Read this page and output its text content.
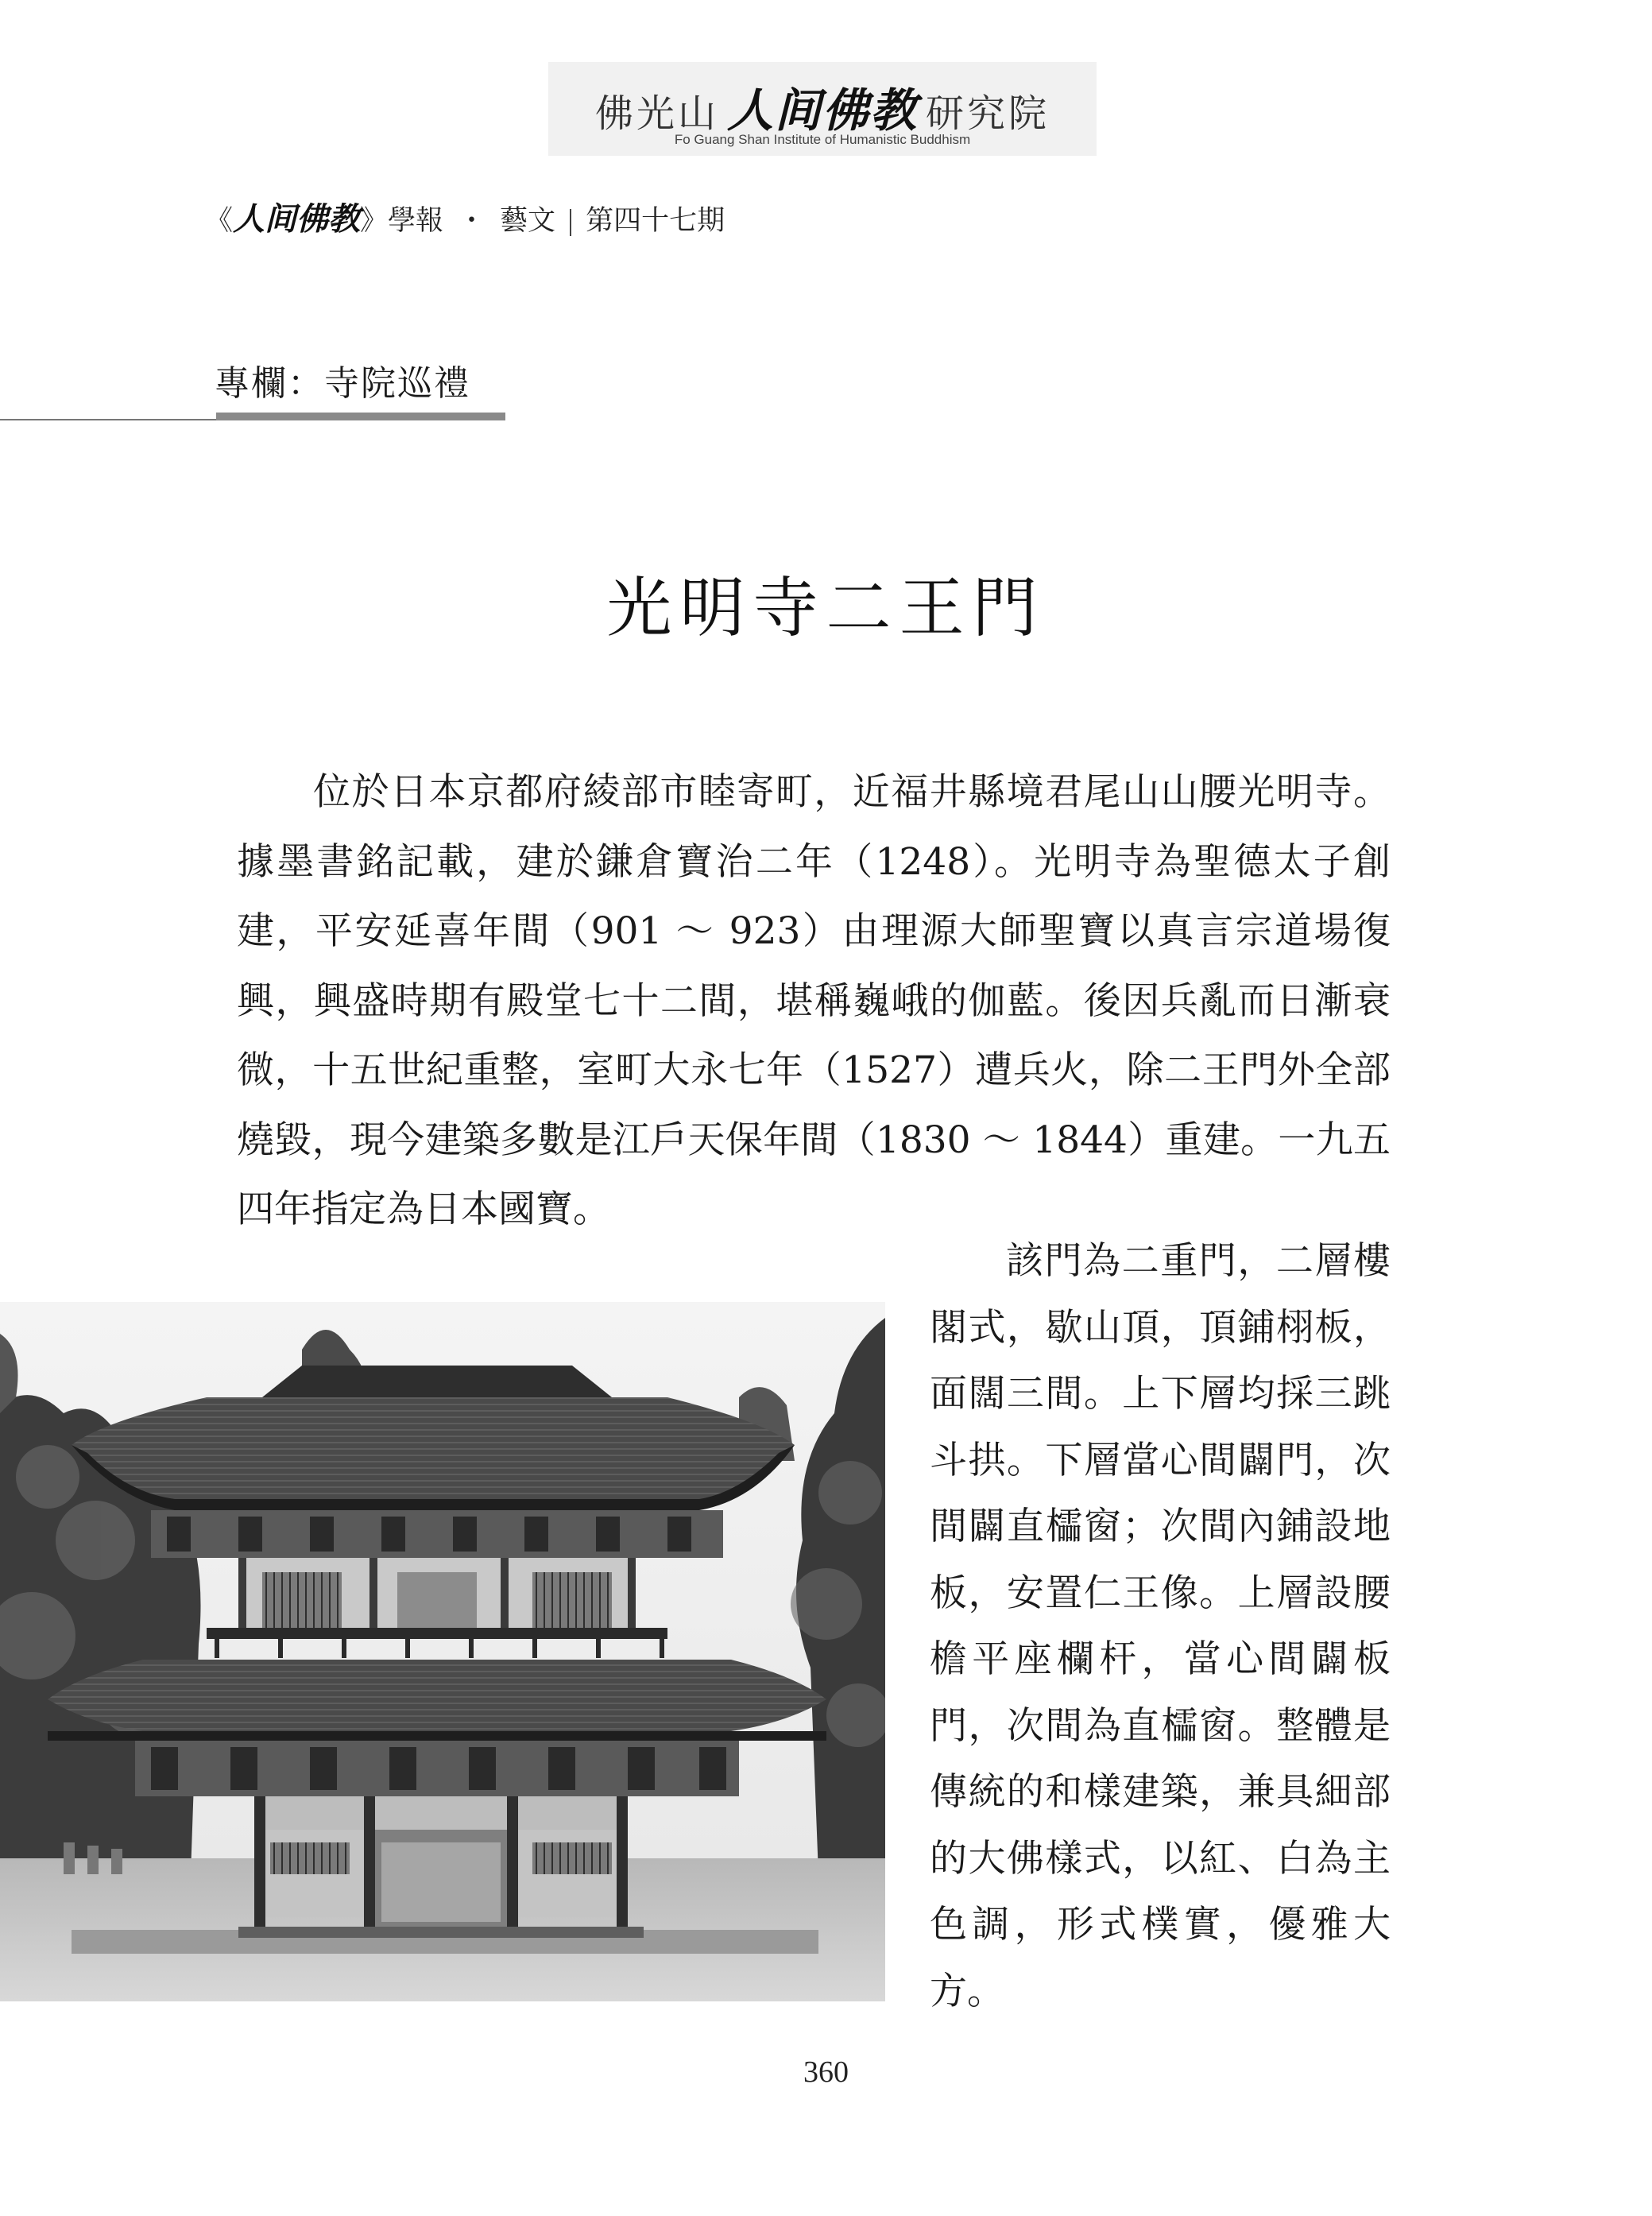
佛光山 人间佛教 研究院
Fo Guang Shan Institute of Humanistic Buddhism
《人间佛教》學報 ・ 藝文 第四十七期
專欄：寺院巡禮
光明寺二王門

位於日本京都府綾部市睦寄町，近福井縣境君尾山山腰光明寺。據墨書銘記載，建於鎌倉寶治二年（1248）。光明寺為聖德太子創建，平安延喜年間（901 ～ 923）由理源大師聖寶以真言宗道場復興，興盛時期有殿堂七十二間，堪稱巍峨的伽藍。後因兵亂而日漸衰微，十五世紀重整，室町大永七年（1527）遭兵火，除二王門外全部燒毀，現今建築多數是江戶天保年間（1830 ～ 1844）重建。一九五四年指定為日本國寶。

該門為二重門，二層樓閣式，歇山頂，頂鋪栩板，面闊三間。上下層均採三跳斗拱。下層當心間闢門，次間闢直櫺窗；次間內鋪設地板，安置仁王像。上層設腰檐平座欄杆，當心間闢板門，次間為直櫺窗。整體是傳統的和樣建築，兼具細部的大佛樣式，以紅、白為主色調，形式樸實，優雅大方。

360
